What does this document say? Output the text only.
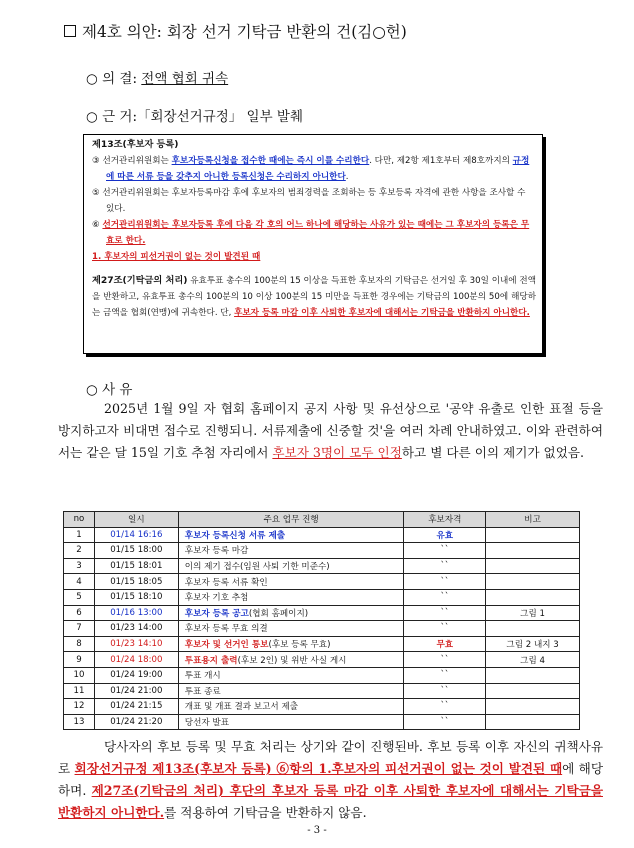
제4호 의안: 회장 선거 기탁금 반환의 건(김○헌)
○ 의 결: 전액 협회 귀속
○ 근 거:「회장선거규정」 일부 발췌

제13조(후보자 등록)

③ 선거관리위원회는 후보자등록신청을 접수한 때에는 즉시 이를 수리한다. 다만, 제2항 제1호부터 제8호까지의 규정에 따른 서류 등을 갖추지 아니한 등록신청은 수리하지 아니한다.

⑤ 선거관리위원회는 후보자등록마감 후에 후보자의 범죄경력을 조회하는 등 후보등록 자격에 관한 사항을 조사할 수 있다.

⑥ 선거관리위원회는 후보자등록 후에 다음 각 호의 어느 하나에 해당하는 사유가 있는 때에는 그 후보자의 등록은 무효로 한다.

1. 후보자의 피선거권이 없는 것이 발견된 때

제27조(기탁금의 처리) 유효투표 총수의 100분의 15 이상을 득표한 후보자의 기탁금은 선거일 후 30일 이내에 전액을 반환하고, 유효투표 총수의 100분의 10 이상 100분의 15 미만을 득표한 경우에는 기탁금의 100분의 50에 해당하는 금액을 협회(연맹)에 귀속한다. 단, 후보자 등록 마감 이후 사퇴한 후보자에 대해서는 기탁금을 반환하지 아니한다.

○ 사 유
2025년 1월 9일 자 협회 홈페이지 공지 사항 및 유선상으로 '공약 유출로 인한 표절 등을 방지하고자 비대면 접수로 진행되니. 서류제출에 신중할 것'을 여러 차례 안내하였고. 이와 관련하여서는 같은 달 15일 기호 추첨 자리에서 후보자 3명이 모두 인정하고 별 다른 이의 제기가 없었음.
no	일시	주요 업무 진행	후보자격	비고
1	01/14 16:16	후보자 등록신청 서류 제출	유효	
2	01/15 18:00	후보자 등록 마감	``	
3	01/15 18:01	이의 제기 접수(임원 사퇴 기한 미준수)	``	
4	01/15 18:05	후보자 등록 서류 확인	``	
5	01/15 18:10	후보자 기호 추첨	``	
6	01/16 13:00	후보자 등록 공고(협회 홈페이지)	``	그림 1
7	01/23 14:00	후보자 등록 무효 의결	``	
8	01/23 14:10	후보자 및 선거인 통보(후보 등록 무효)	무효	그림 2 내지 3
9	01/24 18:00	투표용지 출력(후보 2인) 및 위반 사실 게시	``	그림 4
10	01/24 19:00	투표 개시	``	
11	01/24 21:00	투표 종료	``	
12	01/24 21:15	개표 및 개표 결과 보고서 제출	``	
13	01/24 21:20	당선자 발표	``	
당사자의 후보 등록 및 무효 처리는 상기와 같이 진행된바. 후보 등록 이후 자신의 귀책사유로 회장선거규정 제13조(후보자 등록) ⑥항의 1.후보자의 피선거권이 없는 것이 발견된 때에 해당하며. 제27조(기탁금의 처리) 후단의 후보자 등록 마감 이후 사퇴한 후보자에 대해서는 기탁금을 반환하지 아니한다.를 적용하여 기탁금을 반환하지 않음.
- 3 -
